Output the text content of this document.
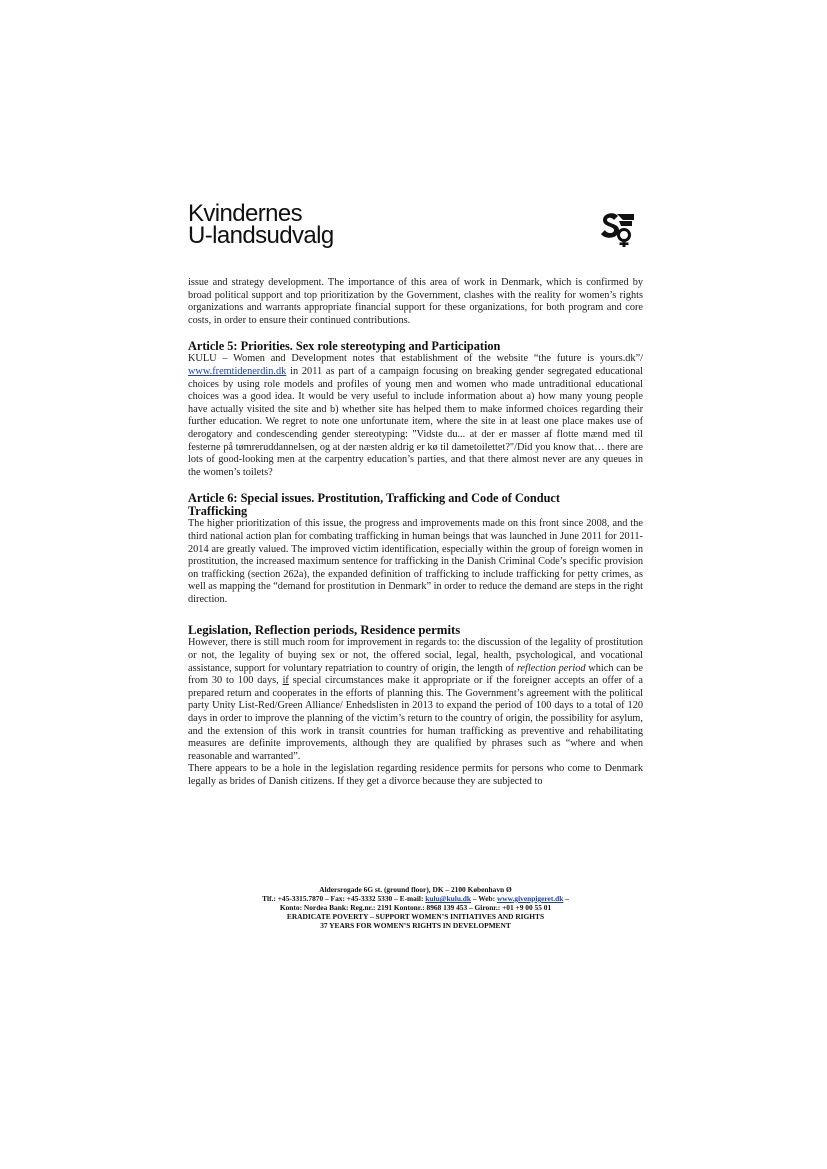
Kvindernes
U-landsudvalg

issue and strategy development. The importance of this area of work in Denmark, which is confirmed by broad political support and top prioritization by the Government, clashes with the reality for women’s rights organizations and warrants appropriate financial support for these organizations, for both program and core costs, in order to ensure their continued contributions.

Article 5: Priorities. Sex role stereotyping and Participation

KULU – Women and Development notes that establishment of the website “the future is yours.dk”/ www.fremtidenerdin.dk in 2011 as part of a campaign focusing on breaking gender segregated educational choices by using role models and profiles of young men and women who made untraditional educational choices was a good idea. It would be very useful to include information about a) how many young people have actually visited the site and b) whether site has helped them to make informed choices regarding their further education. We regret to note one unfortunate item, where the site in at least one place makes use of derogatory and condescending gender stereotyping: "Vidste du... at der er masser af flotte mænd med til festerne på tømreruddannelsen, og at der næsten aldrig er kø til dametoilettet?"/Did you know that… there are lots of good-looking men at the carpentry education’s parties, and that there almost never are any queues in the women’s toilets?

Article 6: Special issues. Prostitution, Trafficking and Code of Conduct
Trafficking

The higher prioritization of this issue, the progress and improvements made on this front since 2008, and the third national action plan for combating trafficking in human beings that was launched in June 2011 for 2011-2014 are greatly valued. The improved victim identification, especially within the group of foreign women in prostitution, the increased maximum sentence for trafficking in the Danish Criminal Code’s specific provision on trafficking (section 262a), the expanded definition of trafficking to include trafficking for petty crimes, as well as mapping the “demand for prostitution in Denmark” in order to reduce the demand are steps in the right direction.

Legislation, Reflection periods, Residence permits

However, there is still much room for improvement in regards to: the discussion of the legality of prostitution or not, the legality of buying sex or not, the offered social, legal, health, psychological, and vocational assistance, support for voluntary repatriation to country of origin, the length of reflection period which can be from 30 to 100 days, if special circumstances make it appropriate or if the foreigner accepts an offer of a prepared return and cooperates in the efforts of planning this. The Government’s agreement with the political party Unity List-Red/Green Alliance/ Enhedslisten in 2013 to expand the period of 100 days to a total of 120 days in order to improve the planning of the victim’s return to the country of origin, the possibility for asylum, and the extension of this work in transit countries for human trafficking as preventive and rehabilitating measures are definite improvements, although they are qualified by phrases such as “where and when reasonable and warranted”.

There appears to be a hole in the legislation regarding residence permits for persons who come to Denmark legally as brides of Danish citizens. If they get a divorce because they are subjected to

Aldersrogade 6G st. (ground floor), DK – 2100 København Ø
Tlf.: +45-3315.7870 – Fax: +45-3332 5330 – E-mail: kulu@kulu.dk – Web: www.givenpigeret.dk –
Konto: Nordea Bank: Reg.nr.: 2191 Kontonr.: 8968 139 453 – Gironr.: +01 +9 00 55 01
ERADICATE POVERTY – SUPPORT WOMEN’S INITIATIVES AND RIGHTS
37 YEARS FOR WOMEN’S RIGHTS IN DEVELOPMENT
